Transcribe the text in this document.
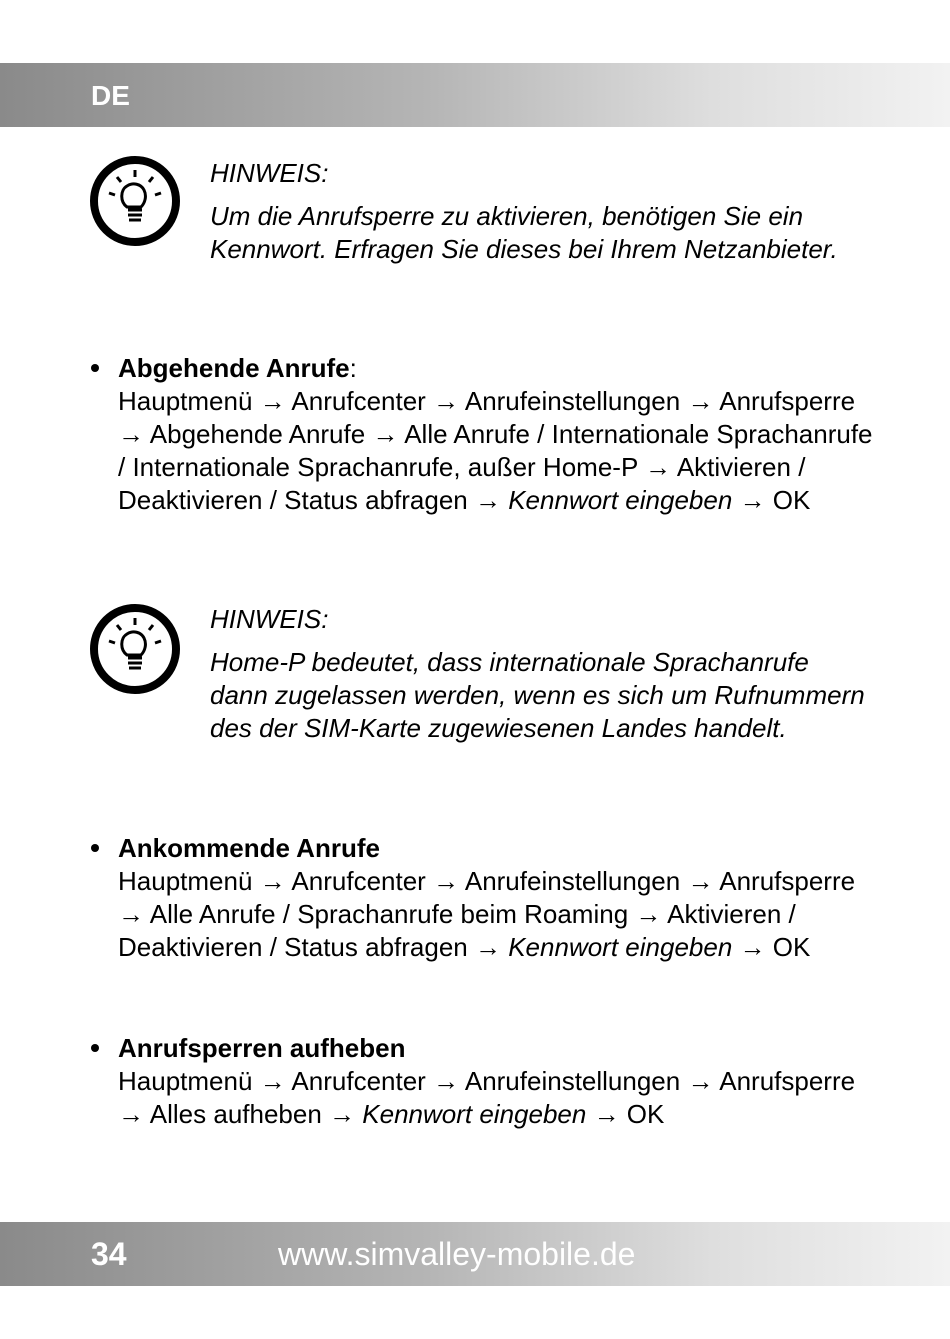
DE
HINWEIS:
Um die Anrufsperre zu aktivieren, benötigen Sie ein Kennwort. Erfragen Sie dieses bei Ihrem Netzanbieter.
Abgehende Anrufe:
Hauptmenü → Anrufcenter → Anrufeinstellungen → Anrufsperre → Abgehende Anrufe → Alle Anrufe / Internationale Sprachanrufe / Internationale Sprachanrufe, außer Home-P → Aktivieren / Deaktivieren / Status abfragen → Kennwort eingeben → OK
HINWEIS:
Home-P bedeutet, dass internationale Sprachanrufe dann zugelassen werden, wenn es sich um Rufnummern des der SIM-Karte zugewiesenen Landes handelt.
Ankommende Anrufe
Hauptmenü → Anrufcenter → Anrufeinstellungen → Anrufsperre → Alle Anrufe / Sprachanrufe beim Roaming → Aktivieren / Deaktivieren / Status abfragen → Kennwort eingeben → OK
Anrufsperren aufheben
Hauptmenü → Anrufcenter → Anrufeinstellungen → Anrufsperre → Alles aufheben → Kennwort eingeben → OK
34	www.simvalley-mobile.de
